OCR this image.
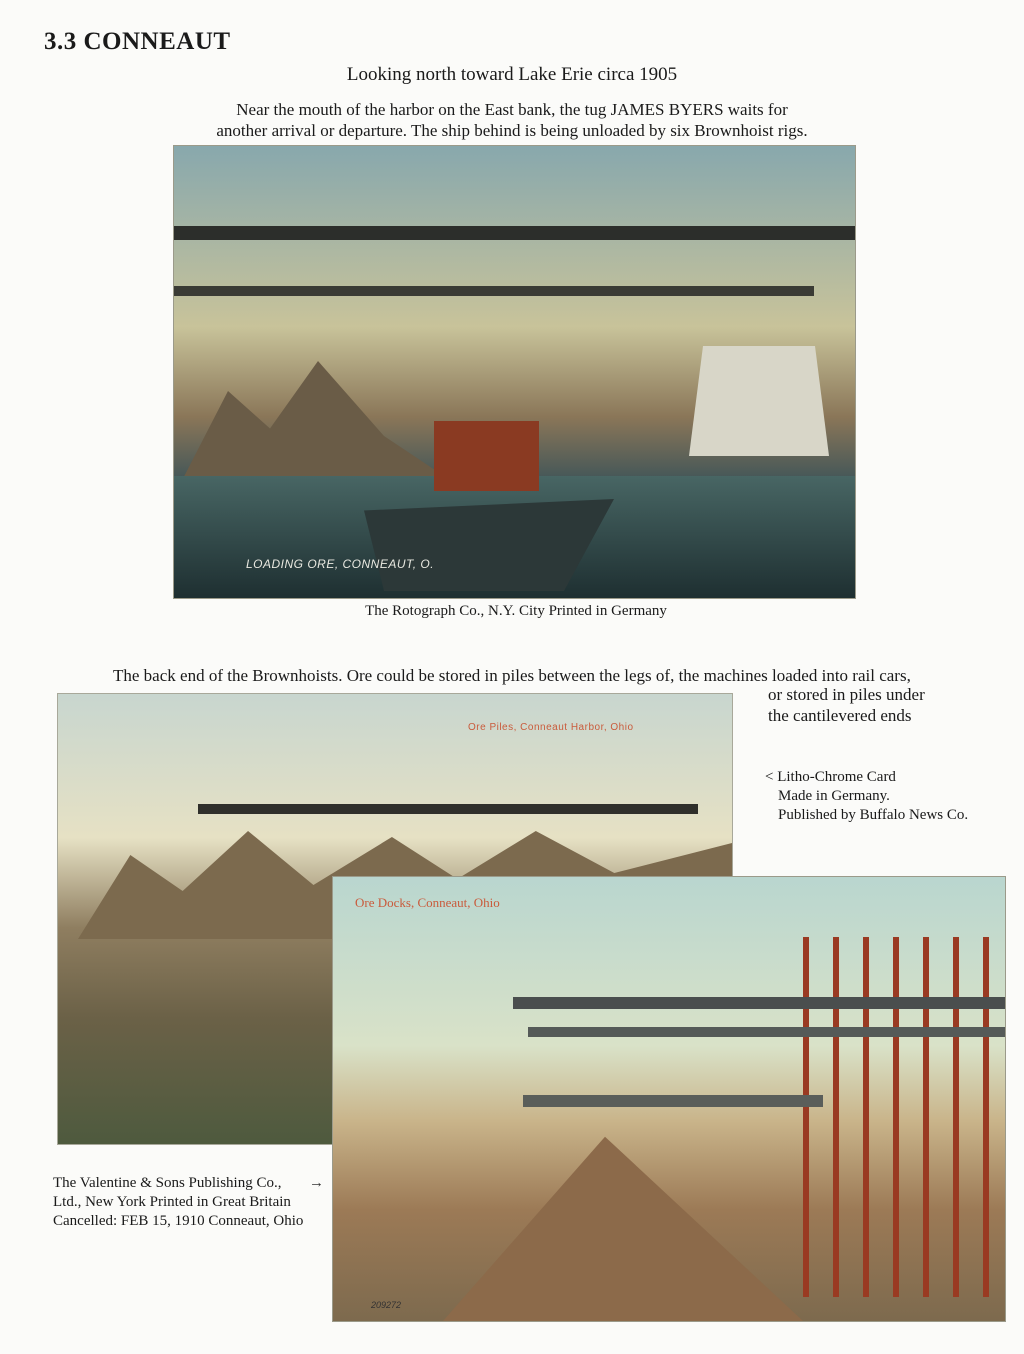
3.3 CONNEAUT
Looking north toward Lake Erie circa 1905
Near the mouth of the harbor on the East bank, the tug JAMES BYERS waits for
another arrival or departure. The ship behind is being unloaded by six Brownhoist rigs.
LOADING ORE, CONNEAUT, O.
The Rotograph Co., N.Y. City Printed in Germany
The back end of the Brownhoists. Ore could be stored in piles between the legs of, the machines loaded into rail cars,
or stored in piles under
the cantilevered ends
Ore Piles, Conneaut Harbor, Ohio
< Litho-Chrome Card
Made in Germany.
Published by Buffalo News Co.
Ore Docks, Conneaut, Ohio
209272
The Valentine & Sons Publishing Co.,
Ltd., New York Printed in Great Britain
Cancelled: FEB 15, 1910 Conneaut, Ohio
→
